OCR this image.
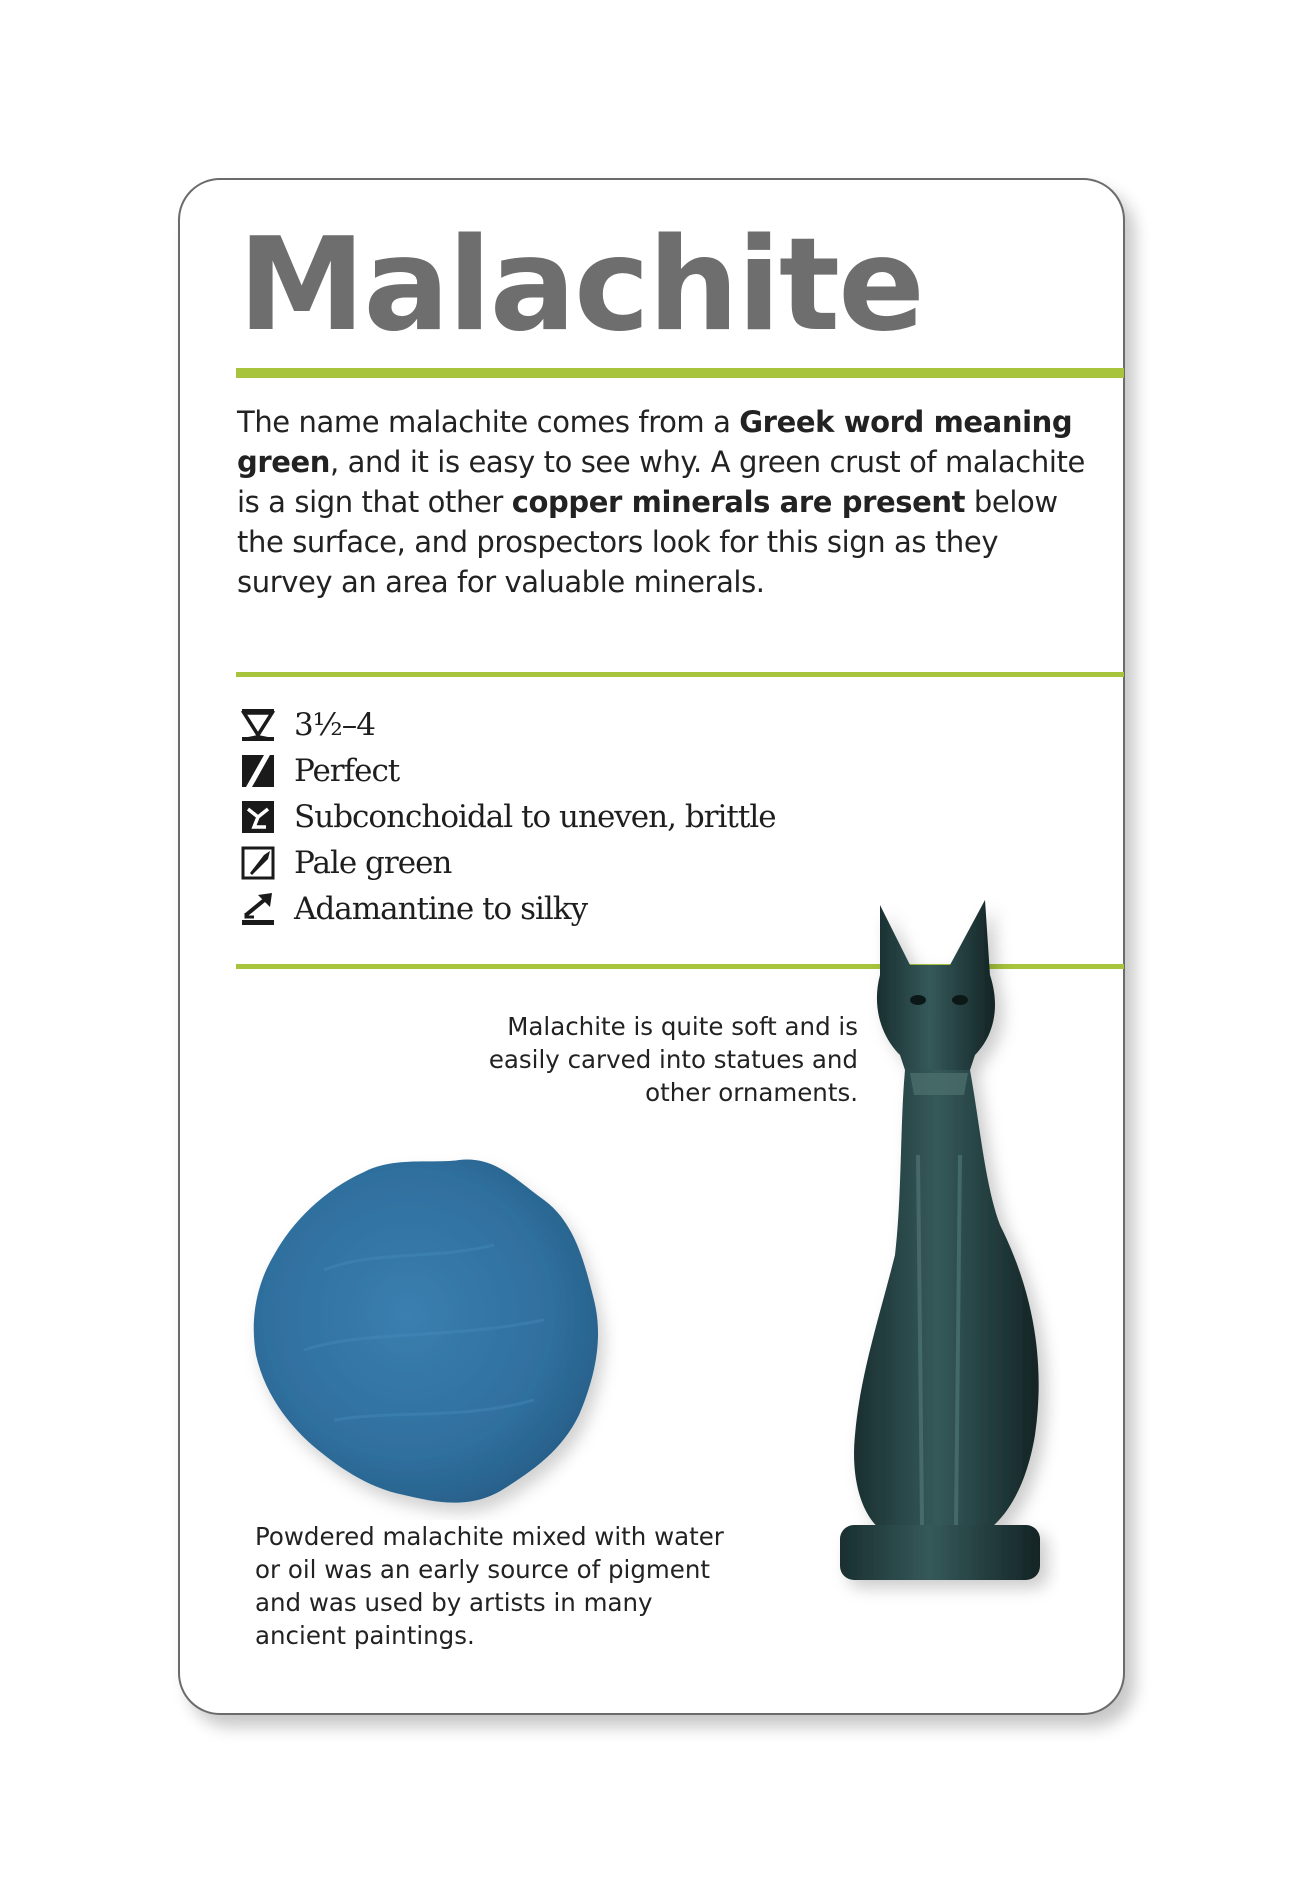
Malachite

The name malachite comes from a Greek word meaning green, and it is easy to see why. A green crust of malachite is a sign that other copper minerals are present below the surface, and prospectors look for this sign as they survey an area for valuable minerals.

3½–4
Perfect
Subconchoidal to uneven, brittle
Pale green
Adamantine to silky

Malachite is quite soft and is easily carved into statues and other ornaments.

Powdered malachite mixed with water or oil was an early source of pigment and was used by artists in many ancient paintings.
